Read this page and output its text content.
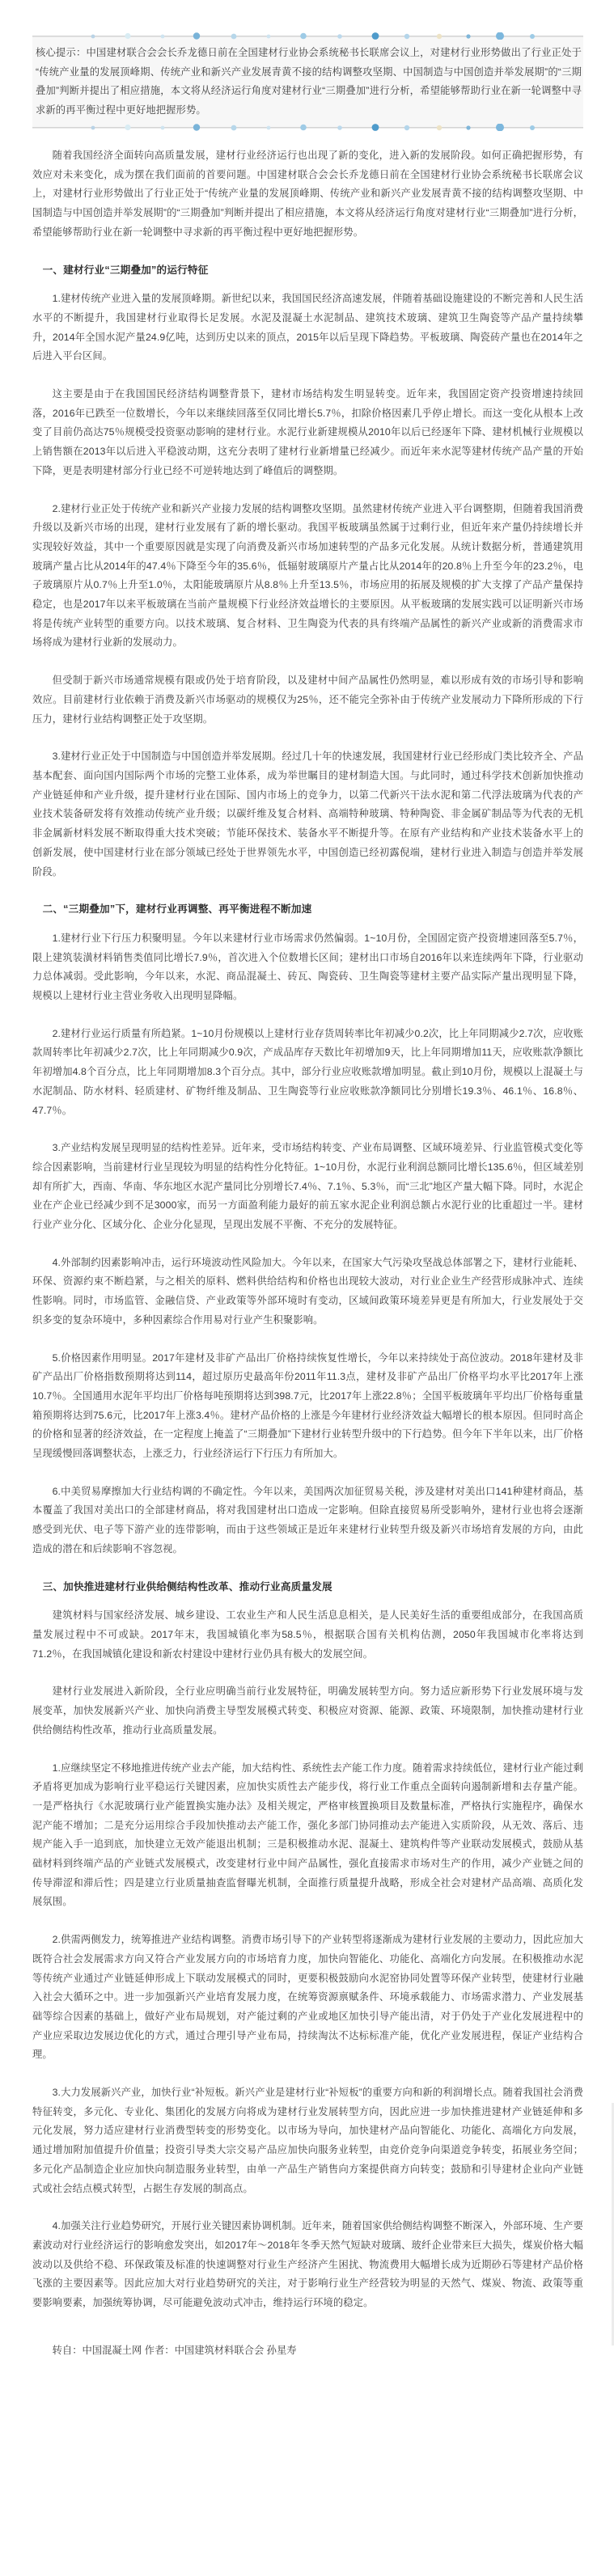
核心提示：中国建材联合会会长乔龙德日前在全国建材行业协会系统秘书长联席会议上，对建材行业形势做出了行业正处于“传统产业量的发展顶峰期、传统产业和新兴产业发展青黄不接的结构调整攻坚期、中国制造与中国创造并举发展期”的“三期叠加”判断并提出了相应措施，本文将从经济运行角度对建材行业“三期叠加”进行分析，希望能够帮助行业在新一轮调整中寻求新的再平衡过程中更好地把握形势。

随着我国经济全面转向高质量发展，建材行业经济运行也出现了新的变化，进入新的发展阶段。如何正确把握形势，有效应对未来变化，成为摆在我们面前的首要问题。中国建材联合会会长乔龙德日前在全国建材行业协会系统秘书长联席会议上，对建材行业形势做出了行业正处于“传统产业量的发展顶峰期、传统产业和新兴产业发展青黄不接的结构调整攻坚期、中国制造与中国创造并举发展期”的“三期叠加”判断并提出了相应措施，本文将从经济运行角度对建材行业“三期叠加”进行分析，希望能够帮助行业在新一轮调整中寻求新的再平衡过程中更好地把握形势。

一、建材行业“三期叠加”的运行特征

1.建材传统产业进入量的发展顶峰期。新世纪以来，我国国民经济高速发展，伴随着基础设施建设的不断完善和人民生活水平的不断提升，我国建材行业取得长足发展。水泥及混凝土水泥制品、建筑技术玻璃、建筑卫生陶瓷等产品产量持续攀升，2014年全国水泥产量24.9亿吨，达到历史以来的顶点，2015年以后呈现下降趋势。平板玻璃、陶瓷砖产量也在2014年之后进入平台区间。

这主要是由于在我国国民经济结构调整背景下，建材市场结构发生明显转变。近年来，我国固定资产投资增速持续回落，2016年已跌至一位数增长，今年以来继续回落至仅同比增长5.7％，扣除价格因素几乎停止增长。而这一变化从根本上改变了目前仍高达75％规模受投资驱动影响的建材行业。水泥行业新建规模从2010年以后已经逐年下降、建材机械行业规模以上销售额在2013年以后进入平稳波动期，这充分表明了建材行业新增量已经减少。而近年来水泥等建材传统产品产量的开始下降，更是表明建材部分行业已经不可逆转地达到了峰值后的调整期。

2.建材行业正处于传统产业和新兴产业接力发展的结构调整攻坚期。虽然建材传统产业进入平台调整期，但随着我国消费升级以及新兴市场的出现，建材行业发展有了新的增长驱动。我国平板玻璃虽然属于过剩行业，但近年来产量仍持续增长并实现较好效益，其中一个重要原因就是实现了向消费及新兴市场加速转型的产品多元化发展。从统计数据分析，普通建筑用玻璃产量占比从2014年的47.4％下降至今年的35.6％，低辐射玻璃原片产量占比从2014年的20.8％上升至今年的23.2％，电子玻璃原片从0.7％上升至1.0％，太阳能玻璃原片从8.8％上升至13.5％，市场应用的拓展及规模的扩大支撑了产品产量保持稳定，也是2017年以来平板玻璃在当前产量规模下行业经济效益增长的主要原因。从平板玻璃的发展实践可以证明新兴市场将是传统产业转型的重要方向。以技术玻璃、复合材料、卫生陶瓷为代表的具有终端产品属性的新兴产业或新的消费需求市场将成为建材行业新的发展动力。

但受制于新兴市场通常规模有限或仍处于培育阶段，以及建材中间产品属性仍然明显，难以形成有效的市场引导和影响效应。目前建材行业依赖于消费及新兴市场驱动的规模仅为25％，还不能完全弥补由于传统产业发展动力下降所形成的下行压力，建材行业结构调整正处于攻坚期。

3.建材行业正处于中国制造与中国创造并举发展期。经过几十年的快速发展，我国建材行业已经形成门类比较齐全、产品基本配套、面向国内国际两个市场的完整工业体系，成为举世瞩目的建材制造大国。与此同时，通过科学技术创新加快推动产业链延伸和产业升级，提升建材行业在国际、国内市场上的竞争力，以第二代新兴干法水泥和第二代浮法玻璃为代表的产业技术装备研发将有效推动传统产业升级；以碳纤维及复合材料、高端特种玻璃、特种陶瓷、非金属矿制品等为代表的无机非金属新材料发展不断取得重大技术突破；节能环保技术、装备水平不断提升等。在原有产业结构和产业技术装备水平上的创新发展，使中国建材行业在部分领域已经处于世界领先水平，中国创造已经初露倪端，建材行业进入制造与创造并举发展阶段。

二、“三期叠加”下，建材行业再调整、再平衡进程不断加速

1.建材行业下行压力积聚明显。今年以来建材行业市场需求仍然偏弱。1~10月份，全国固定资产投资增速回落至5.7％，限上建筑装潢材料销售类值同比增长7.9％，首次进入个位数增长区间；建材出口市场自2016年以来连续两年下降，行业驱动力总体减弱。受此影响，今年以来，水泥、商品混凝土、砖瓦、陶瓷砖、卫生陶瓷等建材主要产品实际产量出现明显下降，规模以上建材行业主营业务收入出现明显降幅。

2.建材行业运行质量有所趋紧。1~10月份规模以上建材行业存货周转率比年初减少0.2次，比上年同期减少2.7次，应收账款周转率比年初减少2.7次，比上年同期减少0.9次，产成品库存天数比年初增加9天，比上年同期增加11天，应收账款净额比年初增加4.8个百分点，比上年同期增加8.3个百分点。其中，部分行业应收账款增加明显。截止到10月份，规模以上混凝土与水泥制品、防水材料、轻质建材、矿物纤维及制品、卫生陶瓷等行业应收账款净额同比分别增长19.3％、46.1％、16.8％、47.7％。

3.产业结构发展呈现明显的结构性差异。近年来，受市场结构转变、产业布局调整、区域环境差异、行业监管模式变化等综合因素影响，当前建材行业呈现较为明显的结构性分化特征。1~10月份，水泥行业利润总额同比增长135.6％，但区域差别却有所扩大，西南、华南、华东地区水泥产量同比分别增长7.4％、7.1％、5.3％，而“三北”地区产量大幅下降。同时，水泥企业在产企业已经减少到不足3000家，而另一方面盈利能力最好的前五家水泥企业利润总额占水泥行业的比重超过一半。建材行业产业分化、区域分化、企业分化显现，呈现出发展不平衡、不充分的发展特征。

4.外部制约因素影响冲击，运行环境波动性风险加大。今年以来，在国家大气污染攻坚战总体部署之下，建材行业能耗、环保、资源约束不断趋紧，与之相关的原料、燃料供给结构和价格也出现较大波动，对行业企业生产经营形成脉冲式、连续性影响。同时，市场监管、金融信贷、产业政策等外部环境时有变动，区域间政策环境差异更是有所加大，行业发展处于交织多变的复杂环境中，多种因素综合作用易对行业产生积聚影响。

5.价格因素作用明显。2017年建材及非矿产品出厂价格持续恢复性增长，今年以来持续处于高位波动。2018年建材及非矿产品出厂价格指数预期将达到114，超过原历史最高年份2011年11.3点，建材及非矿产品出厂价格平均水平比2017年上涨10.7％。全国通用水泥年平均出厂价格每吨预期将达到398.7元，比2017年上涨22.8％；全国平板玻璃年平均出厂价格每重量箱预期将达到75.6元，比2017年上涨3.4％。建材产品价格的上涨是今年建材行业经济效益大幅增长的根本原因。但同时高企的价格和显著的经济效益，在一定程度上掩盖了“三期叠加”下建材行业转型升级中的下行趋势。但今年下半年以来，出厂价格呈现缓慢回落调整状态，上涨乏力，行业经济运行下行压力有所加大。

6.中美贸易摩擦加大行业结构调的不确定性。今年以来，美国两次加征贸易关税，涉及建材对美出口141种建材商品，基本覆盖了我国对美出口的全部建材商品，将对我国建材出口造成一定影响。但除直接贸易所受影响外，建材行业也将会逐渐感受到光伏、电子等下游产业的连带影响，而由于这些领域正是近年来建材行业转型升级及新兴市场培育发展的方向，由此造成的潜在和后续影响不容忽视。

三、加快推进建材行业供给侧结构性改革、推动行业高质量发展

建筑材料与国家经济发展、城乡建设、工农业生产和人民生活息息相关，是人民美好生活的重要组成部分，在我国高质量发展过程中不可或缺。2017年末，我国城镇化率为58.5％，根据联合国有关机构估测，2050年我国城市化率将达到71.2％，在我国城镇化建设和新农村建设中建材行业仍具有极大的发展空间。

建材行业发展进入新阶段，全行业应明确当前行业发展特征，明确发展转型方向。努力适应新形势下行业发展环境与发展变革，加快发展新兴产业、加快向消费主导型发展模式转变、积极应对资源、能源、政策、环境限制，加快推动建材行业供给侧结构性改革，推动行业高质量发展。

1.应继续坚定不移地推进传统产业去产能，加大结构性、系统性去产能工作力度。随着需求持续低位，建材行业产能过剩矛盾将更加成为影响行业平稳运行关键因素，应加快实质性去产能步伐，将行业工作重点全面转向遏制新增和去存量产能。一是严格执行《水泥玻璃行业产能置换实施办法》及相关规定，严格审核置换项目及数量标准，严格执行实施程序，确保水泥产能不增加；二是充分运用综合手段加快推动去产能工作，强化多部门协同推动去产能进入实质阶段，从无效、落后、违规产能入手一追到底，加快建立无效产能退出机制；三是积极推动水泥、混凝土、建筑构件等产业联动发展模式，鼓励从基础材料到终端产品的产业链式发展模式，改变建材行业中间产品属性，强化直接需求市场对生产的作用，减少产业链之间的传导滞涩和滞后性；四是建立行业质量抽查监督曝光机制，全面推行质量提升战略，形成全社会对建材产品高端、高质化发展氛围。

2.供需两侧发力，统筹推进产业结构调整。消费市场引导下的产业转型将逐渐成为建材行业发展的主要动力，因此应加大既符合社会发展需求方向又符合产业发展方向的市场培育力度，加快向智能化、功能化、高端化方向发展。在积极推动水泥等传统产业通过产业链延伸形成上下联动发展模式的同时，更要积极鼓励向水泥窑协同处置等环保产业转型，使建材行业融入社会大循环之中。进一步加强新兴产业培育发展力度，在统筹资源禀赋条件、环境承载能力、市场需求潜力、产业发展基础等综合因素的基础上，做好产业布局规划，对产能过剩的产业或地区加快引导产能出清，对于仍处于产业化发展进程中的产业应采取边发展边优化的方式，通过合理引导产业布局，持续淘汰不达标标准产能，优化产业发展进程，保证产业结构合理。

3.大力发展新兴产业，加快行业“补短板。新兴产业是建材行业“补短板”的重要方向和新的利润增长点。随着我国社会消费特征转变，多元化、专业化、集团化的发展方向将成为建材行业发展转型方向，因此应进一步加快推进建材产业链延伸和多元化发展，努力适应建材行业消费型转变的形势变化。以市场为导向，加快建材产品向智能化、功能化、高端化方向发展，通过增加附加值提升价值量；投资引导类大宗交易产品应加快向服务业转型，由竞价竞争向渠道竞争转变，拓展业务空间；多元化产品制造企业应加快向制造服务业转型，由单一产品生产销售向方案提供商方向转变；鼓励和引导建材企业向产业链式或社会结点模式转型，占据生存发展的制高点。

4.加强关注行业趋势研究，开展行业关键因素协调机制。近年来，随着国家供给侧结构调整不断深入，外部环境、生产要素波动对行业经济运行的影响愈发突出，如2017年～2018年冬季天然气短缺对玻璃、玻纤企业带来巨大损失，煤炭价格大幅波动以及供给不稳、环保政策及标准的快速调整对行业生产经济产生困扰、物流费用大幅增长成为近期砂石等建材产品价格飞涨的主要因素等。因此应加大对行业趋势研究的关注，对于影响行业生产经营较为明显的天然气、煤炭、物流、政策等重要影响要素，加强统筹协调，尽可能避免波动式冲击，维持运行环境的稳定。

转自：中国混凝土网 作者：中国建筑材料联合会 孙星寿
